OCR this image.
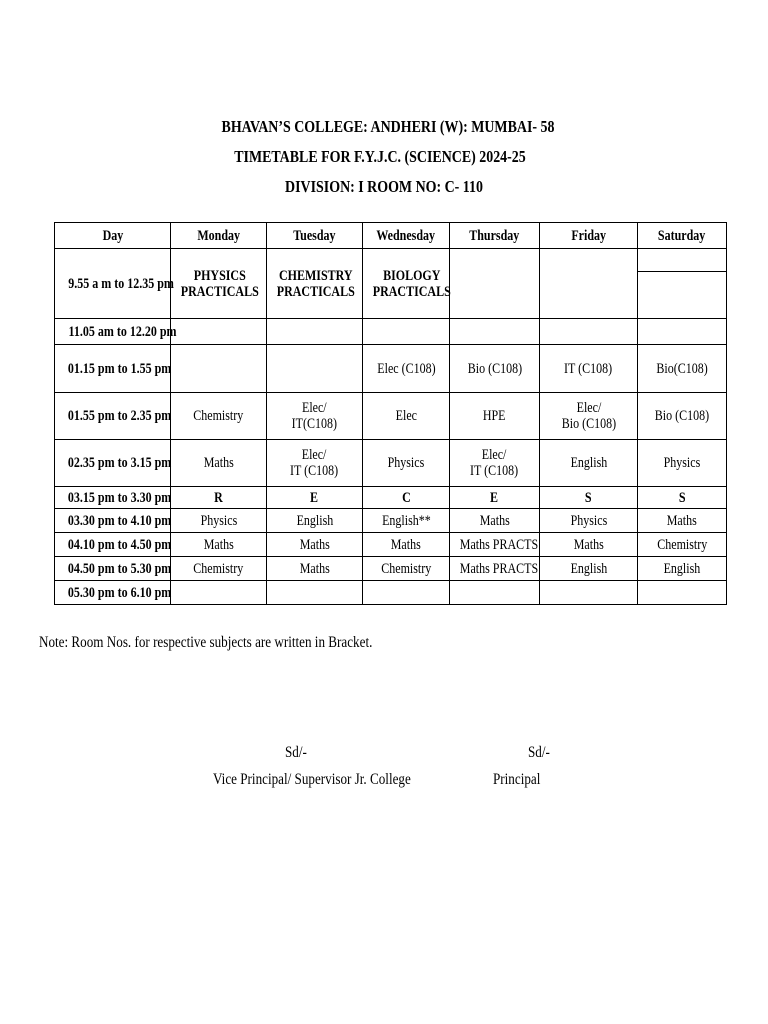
BHAVAN’S COLLEGE: ANDHERI (W): MUMBAI- 58
TIMETABLE FOR F.Y.J.C. (SCIENCE) 2024-25
DIVISION: I ROOM NO: C- 110
Day	Monday	Tuesday	Wednesday	Thursday	Friday	Saturday
9.55 a m to 12.35 pm	PHYSICS
PRACTICALS	CHEMISTRY
PRACTICALS	BIOLOGY
PRACTICALS			

11.05 am to 12.20 pm						
01.15 pm to 1.55 pm			Elec (C108)	Bio (C108)	IT (C108)	Bio(C108)
01.55 pm to 2.35 pm	Chemistry	Elec/
IT(C108)	Elec	HPE	Elec/
Bio (C108)	Bio (C108)
02.35 pm to 3.15 pm	Maths	Elec/
IT (C108)	Physics	Elec/
IT (C108)	English	Physics
03.15 pm to 3.30 pm	R	E	C	E	S	S
03.30 pm to 4.10 pm	Physics	English	English**	Maths	Physics	Maths
04.10 pm to 4.50 pm	Maths	Maths	Maths	Maths PRACTS	Maths	Chemistry
04.50 pm to 5.30 pm	Chemistry	Maths	Chemistry	Maths PRACTS	English	English
05.30 pm to 6.10 pm						
Note: Room Nos. for respective subjects are written in Bracket.
Sd/-
Vice Principal/ Supervisor Jr. College
Sd/-
Principal
